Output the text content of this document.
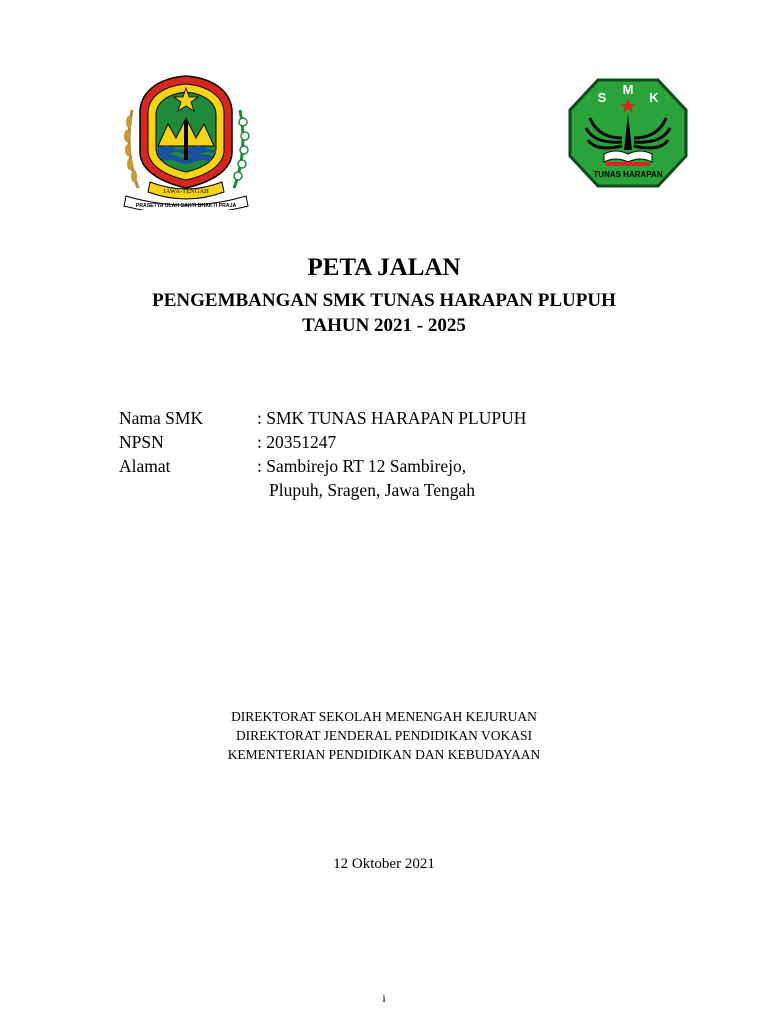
JAWA-TENGAH
PRASETYA ULAH SAKTI BHAKTI PRAJA
S
M
K
TUNAS HARAPAN
PETA JALAN
PENGEMBANGAN SMK TUNAS HARAPAN PLUPUH
TAHUN 2021 - 2025
Nama SMK	: SMK TUNAS HARAPAN PLUPUH
NPSN	: 20351247
Alamat	: Sambirejo RT 12 Sambirejo,
Plupuh, Sragen, Jawa Tengah
DIREKTORAT SEKOLAH MENENGAH KEJURUAN
DIREKTORAT JENDERAL PENDIDIKAN VOKASI
KEMENTERIAN PENDIDIKAN DAN KEBUDAYAAN
12 Oktober 2021
i
